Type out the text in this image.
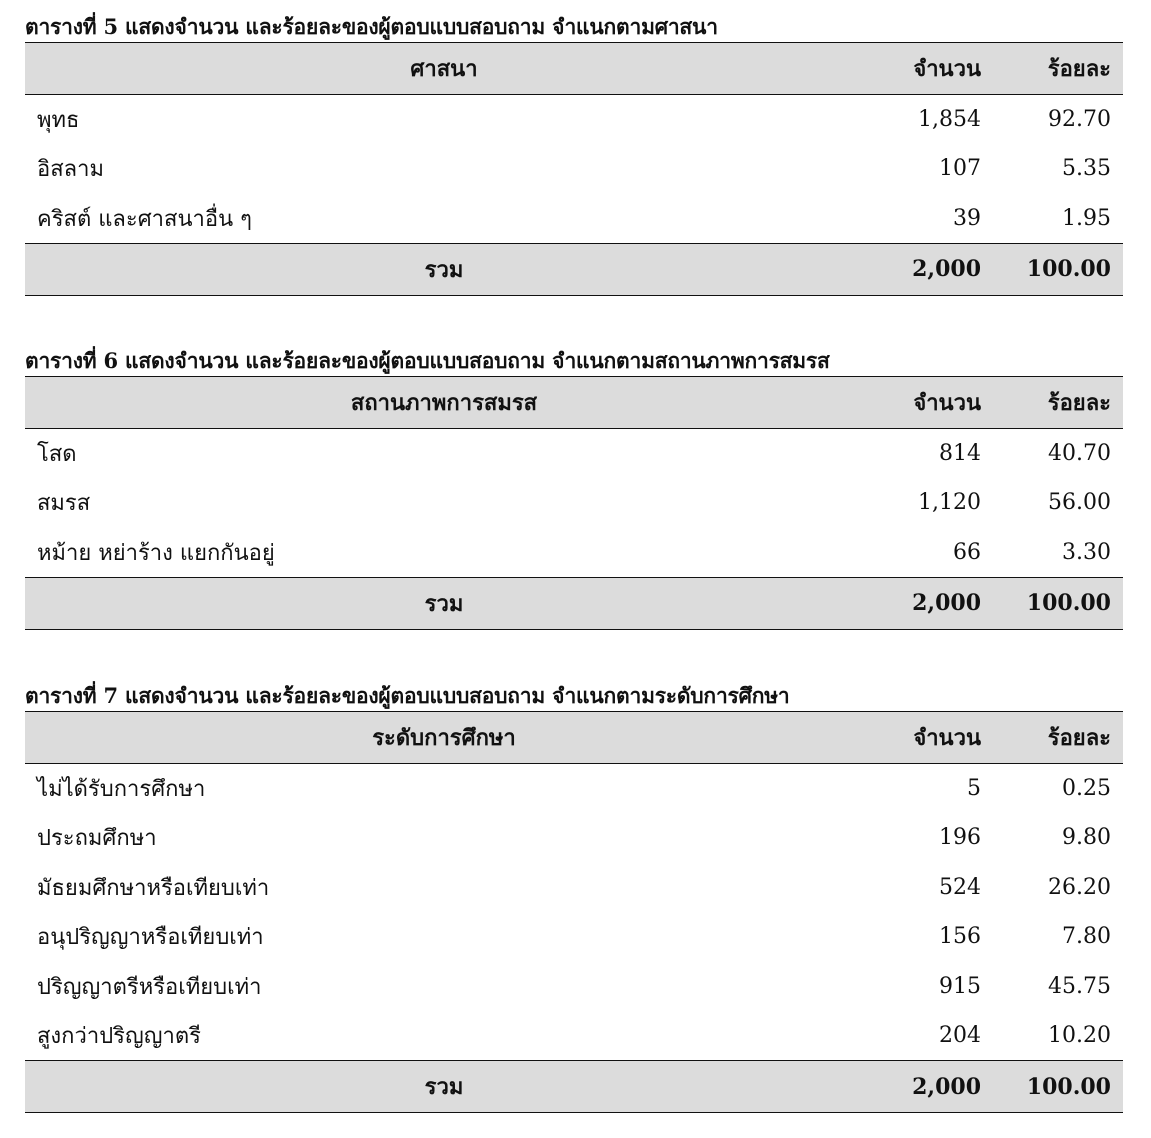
ตารางที่ 5 แสดงจำนวน และร้อยละของผู้ตอบแบบสอบถาม จำแนกตามศาสนา
ศาสนา	จำนวน	ร้อยละ
พุทธ	1,854	92.70
อิสลาม	107	5.35
คริสต์ และศาสนาอื่น ๆ	39	1.95
รวม	2,000	100.00
ตารางที่ 6 แสดงจำนวน และร้อยละของผู้ตอบแบบสอบถาม จำแนกตามสถานภาพการสมรส
สถานภาพการสมรส	จำนวน	ร้อยละ
โสด	814	40.70
สมรส	1,120	56.00
หม้าย หย่าร้าง แยกกันอยู่	66	3.30
รวม	2,000	100.00
ตารางที่ 7 แสดงจำนวน และร้อยละของผู้ตอบแบบสอบถาม จำแนกตามระดับการศึกษา
ระดับการศึกษา	จำนวน	ร้อยละ
ไม่ได้รับการศึกษา	5	0.25
ประถมศึกษา	196	9.80
มัธยมศึกษาหรือเทียบเท่า	524	26.20
อนุปริญญาหรือเทียบเท่า	156	7.80
ปริญญาตรีหรือเทียบเท่า	915	45.75
สูงกว่าปริญญาตรี	204	10.20
รวม	2,000	100.00
